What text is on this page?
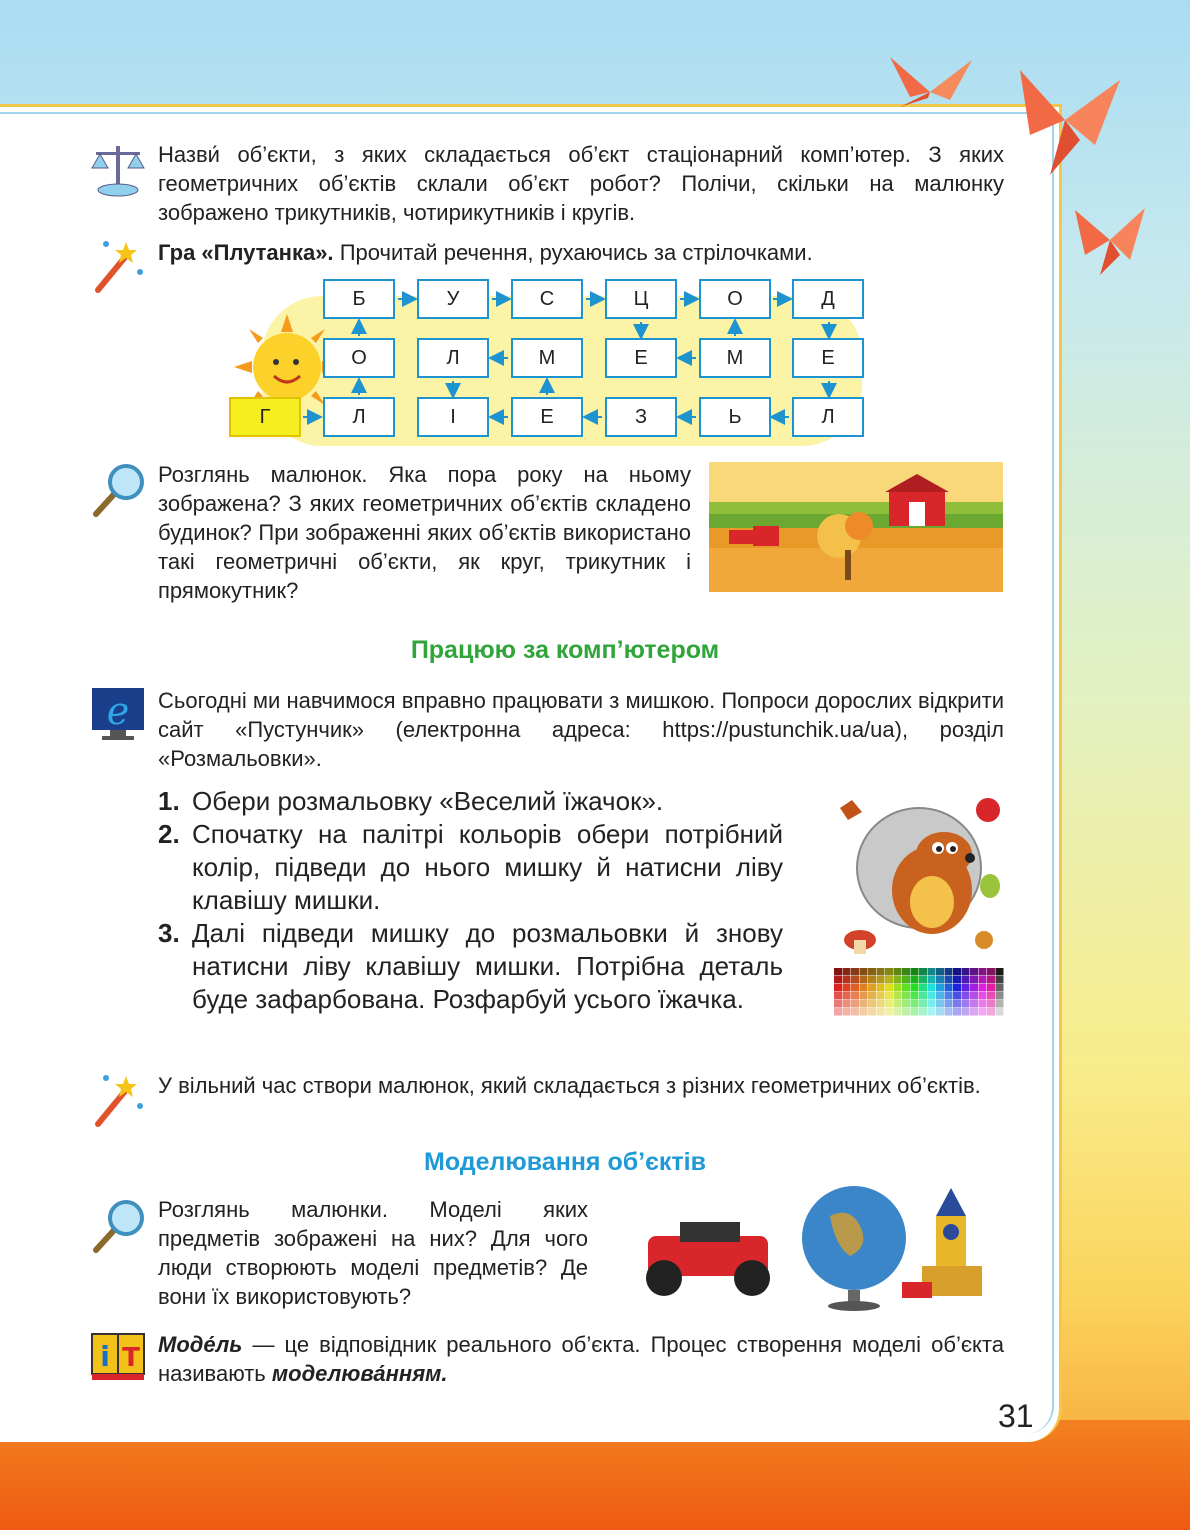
Назви́ об’єкти, з яких складається об’єкт стаціонарний комп’ютер. З яких геометричних об’єктів склали об’єкт робот? Полічи, скільки на малюнку зображено трикутників, чотирикутників і кругів.

Гра «Плутанка». Прочитай речення, рухаючись за стрілочками.

Б	У	С	Ц	О	Д
О	Л	М	Е	М	Е
Г	Л	І	Е	З	Ь	Л

Розглянь малюнок. Яка пора року на ньому зображена? З яких геометричних об’єктів складено будинок? При зображенні яких об’єктів використано такі геометричні об’єкти, як круг, трикутник і прямокутник?

Працюю за комп’ютером
e Сьогодні ми навчимося вправно працювати з мишкою. Попроси дорослих відкрити сайт «Пустунчик» (електронна адреса: https://pustunchik.ua/ua), розділ «Розмальовки».

1. Обери розмальовку «Веселий їжачок».
2. Спочатку на палітрі кольорів обери потрібний колір, підведи до нього мишку й натисни ліву клавішу мишки.
3. Далі підведи мишку до розмальовки й знову натисни ліву клавішу мишки. Потрібна деталь буде зафарбована. Розфарбуй усього їжачка.

У вільний час створи малюнок, який складається з різних геометричних об’єктів.

Моделювання об’єктів

Розглянь малюнки. Моделі яких предметів зображені на них? Для чого люди створюють моделі предметів? Де вони їх використовують?

i T Моде́ль — це відповідник реального об’єкта. Процес створення моделі об’єкта називають моделюва́нням.

31
